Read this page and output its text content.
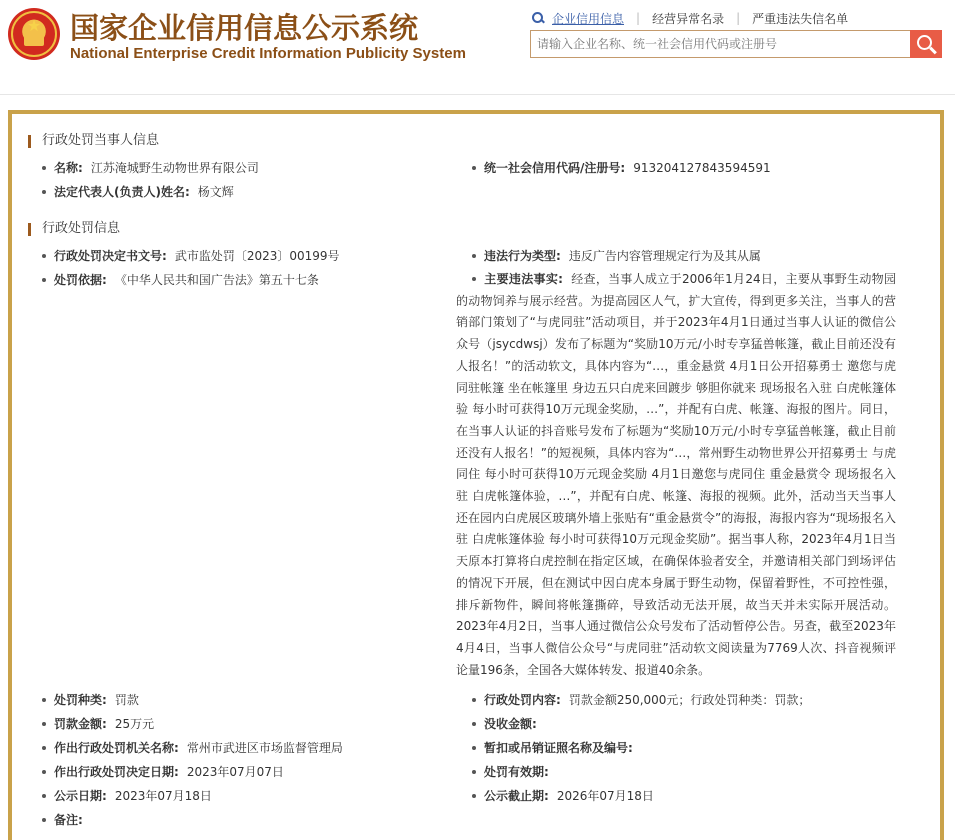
★ 国家企业信用信息公示系统
National Enterprise Credit Information Publicity System
企业信用信息 | 经营异常名录 | 严重违法失信名单
请输入企业名称、统一社会信用代码或注册号
行政处罚当事人信息
名称: 江苏淹城野生动物世界有限公司	统一社会信用代码/注册号: 913204127843594591
法定代表人(负责人)姓名: 杨文辉
行政处罚信息
行政处罚决定书文号: 武市监处罚〔2023〕00199号	违法行为类型: 违反广告内容管理规定行为及其从属
处罚依据: 《中华人民共和国广告法》第五十七条	主要违法事实: 经查，当事人成立于2006年1月24日，主要从事野生动物园的动物饲养与展示经营。为提高园区人气，扩大宣传，得到更多关注，当事人的营销部门策划了“与虎同驻”活动项目，并于2023年4月1日通过当事人认证的微信公众号（jsycdwsj）发布了标题为“奖励10万元/小时专享猛兽帐篷，截止目前还没有人报名！”的活动软文，具体内容为“…，重金悬赏 4月1日公开招募勇士 邀您与虎同驻帐篷 坐在帐篷里 身边五只白虎来回踱步 够胆你就来 现场报名入驻 白虎帐篷体验 每小时可获得10万元现金奖励，…”，并配有白虎、帐篷、海报的图片。同日，在当事人认证的抖音账号发布了标题为“奖励10万元/小时专享猛兽帐篷，截止目前还没有人报名！”的短视频，具体内容为“…，常州野生动物世界公开招募勇士 与虎同住 每小时可获得10万元现金奖励 4月1日邀您与虎同住 重金悬赏令 现场报名入驻 白虎帐篷体验，…”，并配有白虎、帐篷、海报的视频。此外，活动当天当事人还在园内白虎展区玻璃外墙上张贴有“重金悬赏令”的海报，海报内容为“现场报名入驻 白虎帐篷体验 每小时可获得10万元现金奖励”。据当事人称，2023年4月1日当天原本打算将白虎控制在指定区域，在确保体验者安全，并邀请相关部门到场评估的情况下开展，但在测试中因白虎本身属于野生动物，保留着野性，不可控性强，排斥新物件，瞬间将帐篷撕碎，导致活动无法开展，故当天并未实际开展活动。2023年4月2日，当事人通过微信公众号发布了活动暂停公告。另查，截至2023年4月4日，当事人微信公众号“与虎同驻”活动软文阅读量为7769人次、抖音视频评论量196条，全国各大媒体转发、报道40余条。
处罚种类: 罚款	行政处罚内容: 罚款金额250,000元；行政处罚种类：罚款；
罚款金额: 25万元	没收金额:
作出行政处罚机关名称: 常州市武进区市场监督管理局	暂扣或吊销证照名称及编号:
作出行政处罚决定日期: 2023年07月07日	处罚有效期:
公示日期: 2023年07月18日	公示截止期: 2026年07月18日
备注:
